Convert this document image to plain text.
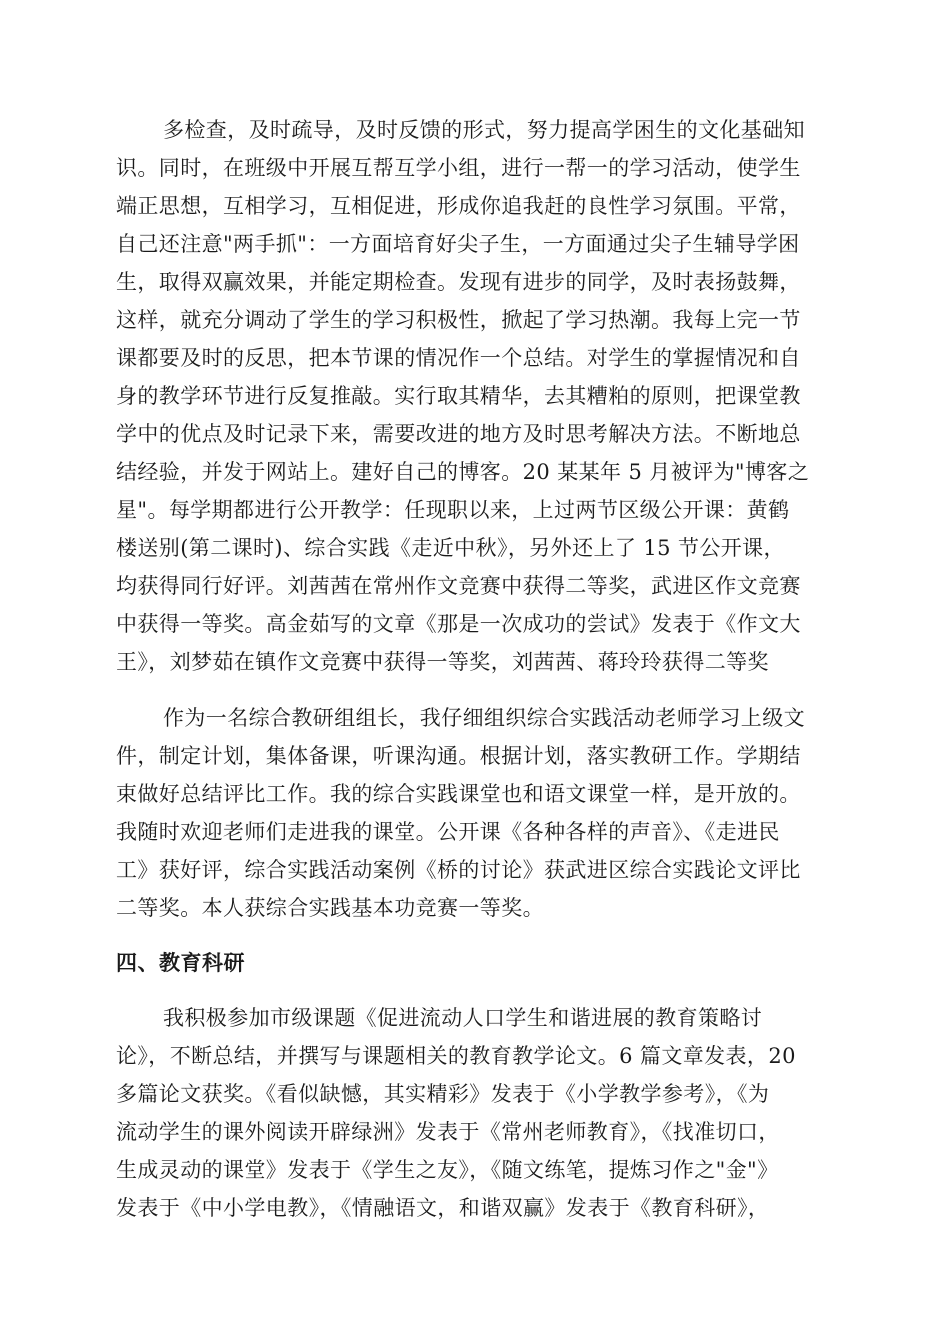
多检查，及时疏导，及时反馈的形式，努力提高学困生的文化基础知

识。同时，在班级中开展互帮互学小组，进行一帮一的学习活动，使学生

端正思想，互相学习，互相促进，形成你追我赶的良性学习氛围。平常，

自己还注意"两手抓"：一方面培育好尖子生，一方面通过尖子生辅导学困

生，取得双赢效果，并能定期检查。发现有进步的同学，及时表扬鼓舞，

这样，就充分调动了学生的学习积极性，掀起了学习热潮。我每上完一节

课都要及时的反思，把本节课的情况作一个总结。对学生的掌握情况和自

身的教学环节进行反复推敲。实行取其精华，去其糟粕的原则，把课堂教

学中的优点及时记录下来，需要改进的地方及时思考解决方法。不断地总

结经验，并发于网站上。建好自己的博客。20 某某年 5 月被评为"博客之

星"。每学期都进行公开教学：任现职以来，上过两节区级公开课：黄鹤

楼送别(第二课时)、综合实践《走近中秋》，另外还上了 15 节公开课，

均获得同行好评。刘茜茜在常州作文竞赛中获得二等奖，武进区作文竞赛

中获得一等奖。高金茹写的文章《那是一次成功的尝试》发表于《作文大

王》，刘梦茹在镇作文竞赛中获得一等奖，刘茜茜、蒋玲玲获得二等奖

作为一名综合教研组组长，我仔细组织综合实践活动老师学习上级文

件，制定计划，集体备课，听课沟通。根据计划，落实教研工作。学期结

束做好总结评比工作。我的综合实践课堂也和语文课堂一样，是开放的。

我随时欢迎老师们走进我的课堂。公开课《各种各样的声音》、《走进民

工》获好评，综合实践活动案例《桥的讨论》获武进区综合实践论文评比

二等奖。本人获综合实践基本功竞赛一等奖。

四、教育科研

我积极参加市级课题《促进流动人口学生和谐进展的教育策略讨

论》，不断总结，并撰写与课题相关的教育教学论文。6 篇文章发表，20

多篇论文获奖。《看似缺憾，其实精彩》发表于《小学教学参考》，《为

流动学生的课外阅读开辟绿洲》发表于《常州老师教育》，《找准切口，

生成灵动的课堂》发表于《学生之友》，《随文练笔，提炼习作之"金"》

发表于《中小学电教》，《情融语文，和谐双赢》发表于《教育科研》，
